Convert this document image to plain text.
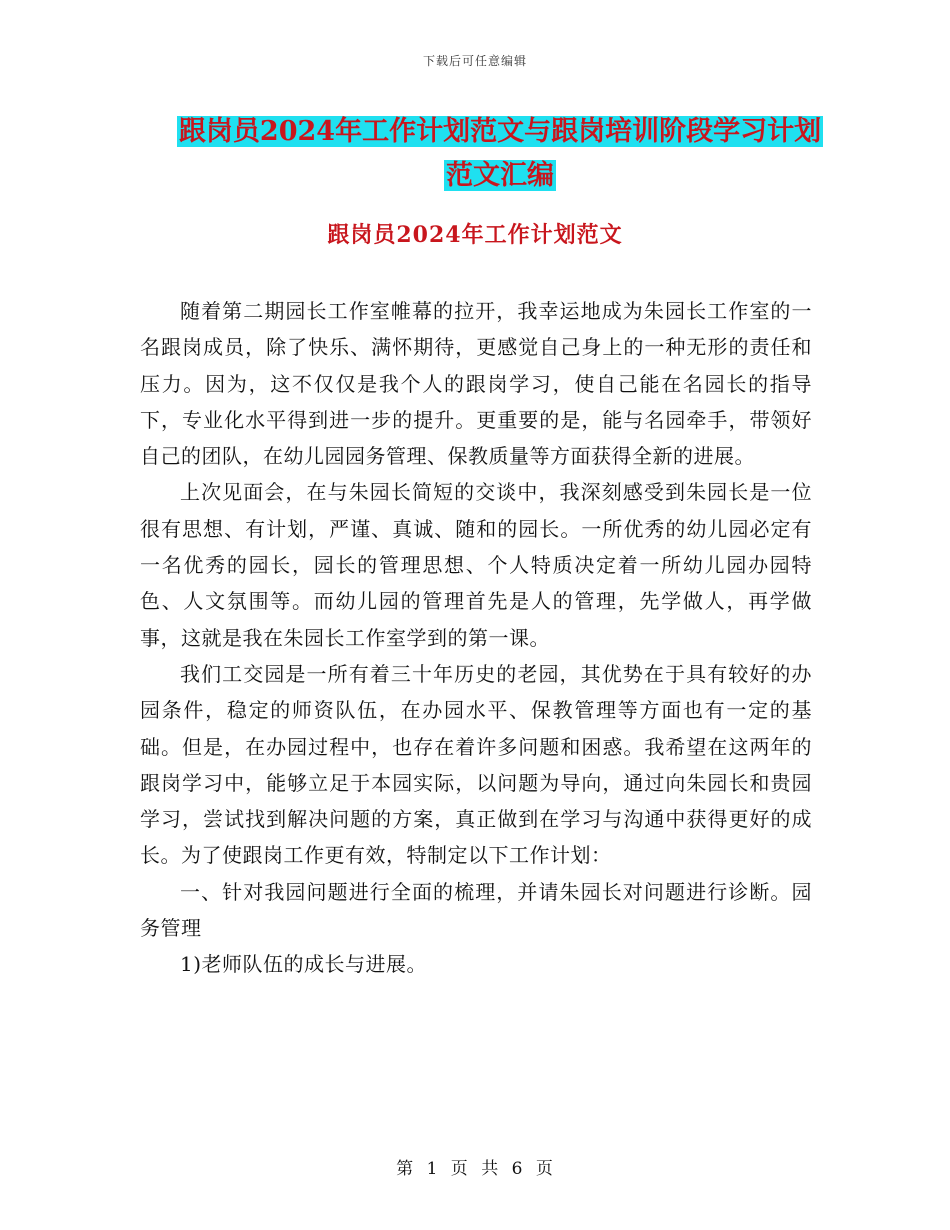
下载后可任意编辑
跟岗员2024年工作计划范文与跟岗培训阶段学习计划
范文汇编
跟岗员2024年工作计划范文

随着第二期园长工作室帷幕的拉开，我幸运地成为朱园长工作室的一名跟岗成员，除了快乐、满怀期待，更感觉自己身上的一种无形的责任和压力。因为，这不仅仅是我个人的跟岗学习，使自己能在名园长的指导下，专业化水平得到进一步的提升。更重要的是，能与名园牵手，带领好自己的团队，在幼儿园园务管理、保教质量等方面获得全新的进展。

上次见面会，在与朱园长简短的交谈中，我深刻感受到朱园长是一位很有思想、有计划，严谨、真诚、随和的园长。一所优秀的幼儿园必定有一名优秀的园长，园长的管理思想、个人特质决定着一所幼儿园办园特色、人文氛围等。而幼儿园的管理首先是人的管理，先学做人，再学做事，这就是我在朱园长工作室学到的第一课。

我们工交园是一所有着三十年历史的老园，其优势在于具有较好的办园条件，稳定的师资队伍，在办园水平、保教管理等方面也有一定的基础。但是，在办园过程中，也存在着许多问题和困惑。我希望在这两年的跟岗学习中，能够立足于本园实际，以问题为导向，通过向朱园长和贵园学习，尝试找到解决问题的方案，真正做到在学习与沟通中获得更好的成长。为了使跟岗工作更有效，特制定以下工作计划：

一、针对我园问题进行全面的梳理，并请朱园长对问题进行诊断。园务管理

1)老师队伍的成长与进展。

第 1 页 共 6 页
